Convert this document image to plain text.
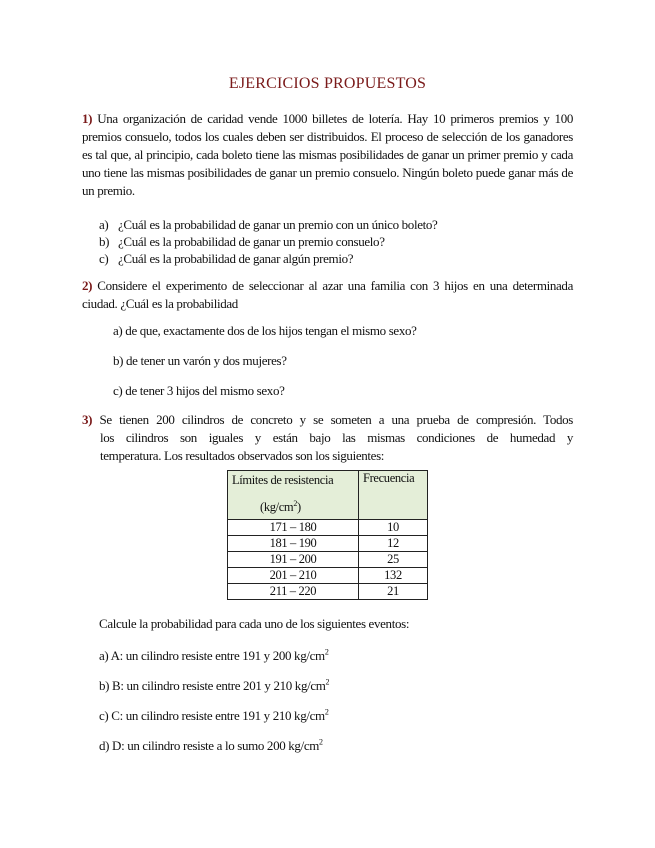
EJERCICIOS PROPUESTOS
1) Una organización de caridad vende 1000 billetes de lotería. Hay 10 primeros premios y 100 premios consuelo, todos los cuales deben ser distribuidos. El proceso de selección de los ganadores es tal que, al principio, cada boleto tiene las mismas posibilidades de ganar un primer premio y cada uno tiene las mismas posibilidades de ganar un premio consuelo. Ningún boleto puede ganar más de un premio.
a) ¿Cuál es la probabilidad de ganar un premio con un único boleto?
b) ¿Cuál es la probabilidad de ganar un premio consuelo?
c) ¿Cuál es la probabilidad de ganar algún premio?
2) Considere el experimento de seleccionar al azar una familia con 3 hijos en una determinada ciudad. ¿Cuál es la probabilidad
a) de que, exactamente dos de los hijos tengan el mismo sexo?
b) de tener un varón y dos mujeres?
c) de tener 3 hijos del mismo sexo?
3) Se tienen 200 cilindros de concreto y se someten a una prueba de compresión. Todos
los cilindros son iguales y están bajo las mismas condiciones de humedad y
temperatura. Los resultados observados son los siguientes:
Límites de resistencia
$(kg/cm^2)$	Frecuencia
171 – 180	10
181 – 190	12
191 – 200	25
201 – 210	132
211 – 220	21
Calcule la probabilidad para cada uno de los siguientes eventos:
a) A: un cilindro resiste entre 191 y 200 $kg/cm^2$
b) B: un cilindro resiste entre 201 y 210 $kg/cm^2$
c) C: un cilindro resiste entre 191 y 210 $kg/cm^2$
d) D: un cilindro resiste a lo sumo 200 $kg/cm^2$
